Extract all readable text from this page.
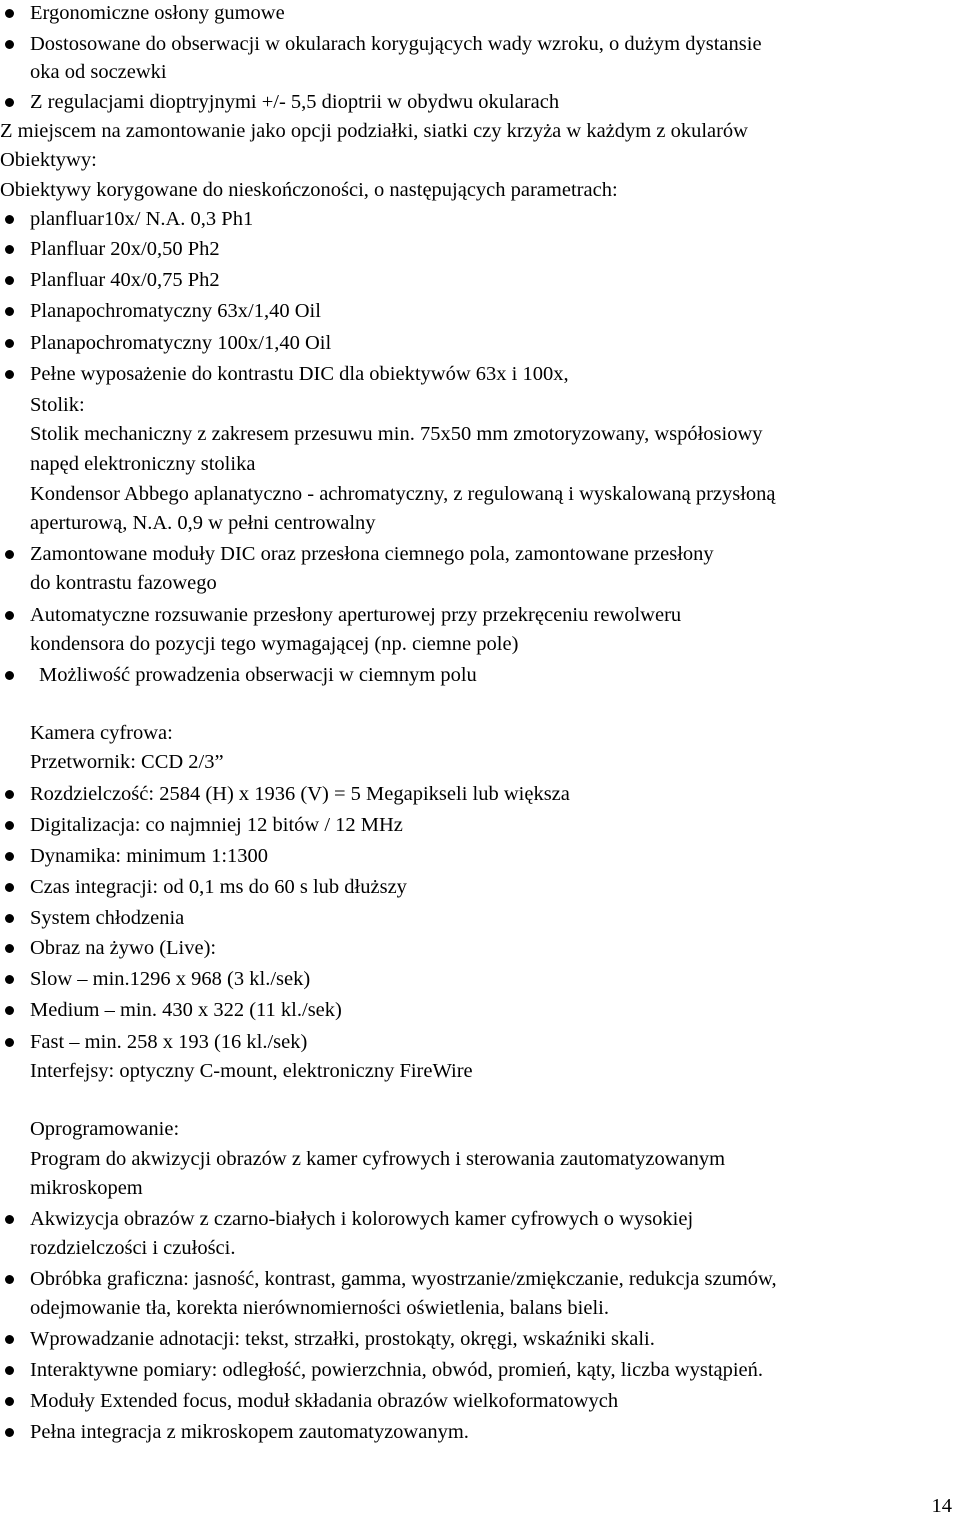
Ergonomiczne osłony gumowe
Dostosowane do obserwacji w okularach korygujących wady wzroku, o dużym dystansie
oka od soczewki
Z regulacjami dioptryjnymi +/- 5,5 dioptrii w obydwu okularach
Z miejscem na zamontowanie jako opcji podziałki, siatki czy krzyża w każdym z okularów
Obiektywy:
Obiektywy korygowane do nieskończoności, o następujących parametrach:
planfluar10x/ N.A. 0,3 Ph1
Planfluar 20x/0,50 Ph2
Planfluar 40x/0,75 Ph2
Planapochromatyczny 63x/1,40 Oil
Planapochromatyczny 100x/1,40 Oil
Pełne wyposażenie do kontrastu DIC dla obiektywów 63x i 100x,
Stolik:
Stolik mechaniczny z zakresem przesuwu min. 75x50 mm zmotoryzowany, współosiowy
napęd elektroniczny stolika
Kondensor Abbego aplanatyczno - achromatyczny, z regulowaną i wyskalowaną przysłoną
aperturową, N.A. 0,9 w pełni centrowalny
Zamontowane moduły DIC oraz przesłona ciemnego pola, zamontowane przesłony
do kontrastu fazowego
Automatyczne rozsuwanie przesłony aperturowej przy przekręceniu rewolweru
kondensora do pozycji tego wymagającej (np. ciemne pole)
Możliwość prowadzenia obserwacji w ciemnym polu
Kamera cyfrowa:
Przetwornik: CCD 2/3”
Rozdzielczość: 2584 (H) x 1936 (V) = 5 Megapikseli lub większa
Digitalizacja: co najmniej 12 bitów / 12 MHz
Dynamika: minimum 1:1300
Czas integracji: od 0,1 ms do 60 s lub dłuższy
System chłodzenia
Obraz na żywo (Live):
Slow – min.1296 x 968 (3 kl./sek)
Medium – min. 430 x 322 (11 kl./sek)
Fast – min. 258 x 193 (16 kl./sek)
Interfejsy: optyczny C-mount, elektroniczny FireWire
Oprogramowanie:
Program do akwizycji obrazów z kamer cyfrowych i sterowania zautomatyzowanym
mikroskopem
Akwizycja obrazów z czarno-białych i kolorowych kamer cyfrowych o wysokiej
rozdzielczości i czułości.
Obróbka graficzna: jasność, kontrast, gamma, wyostrzanie/zmiękczanie, redukcja szumów,
odejmowanie tła, korekta nierównomierności oświetlenia, balans bieli.
Wprowadzanie adnotacji: tekst, strzałki, prostokąty, okręgi, wskaźniki skali.
Interaktywne pomiary: odległość, powierzchnia, obwód, promień, kąty, liczba wystąpień.
Moduły Extended focus, moduł składania obrazów wielkoformatowych
Pełna integracja z mikroskopem zautomatyzowanym.
14
